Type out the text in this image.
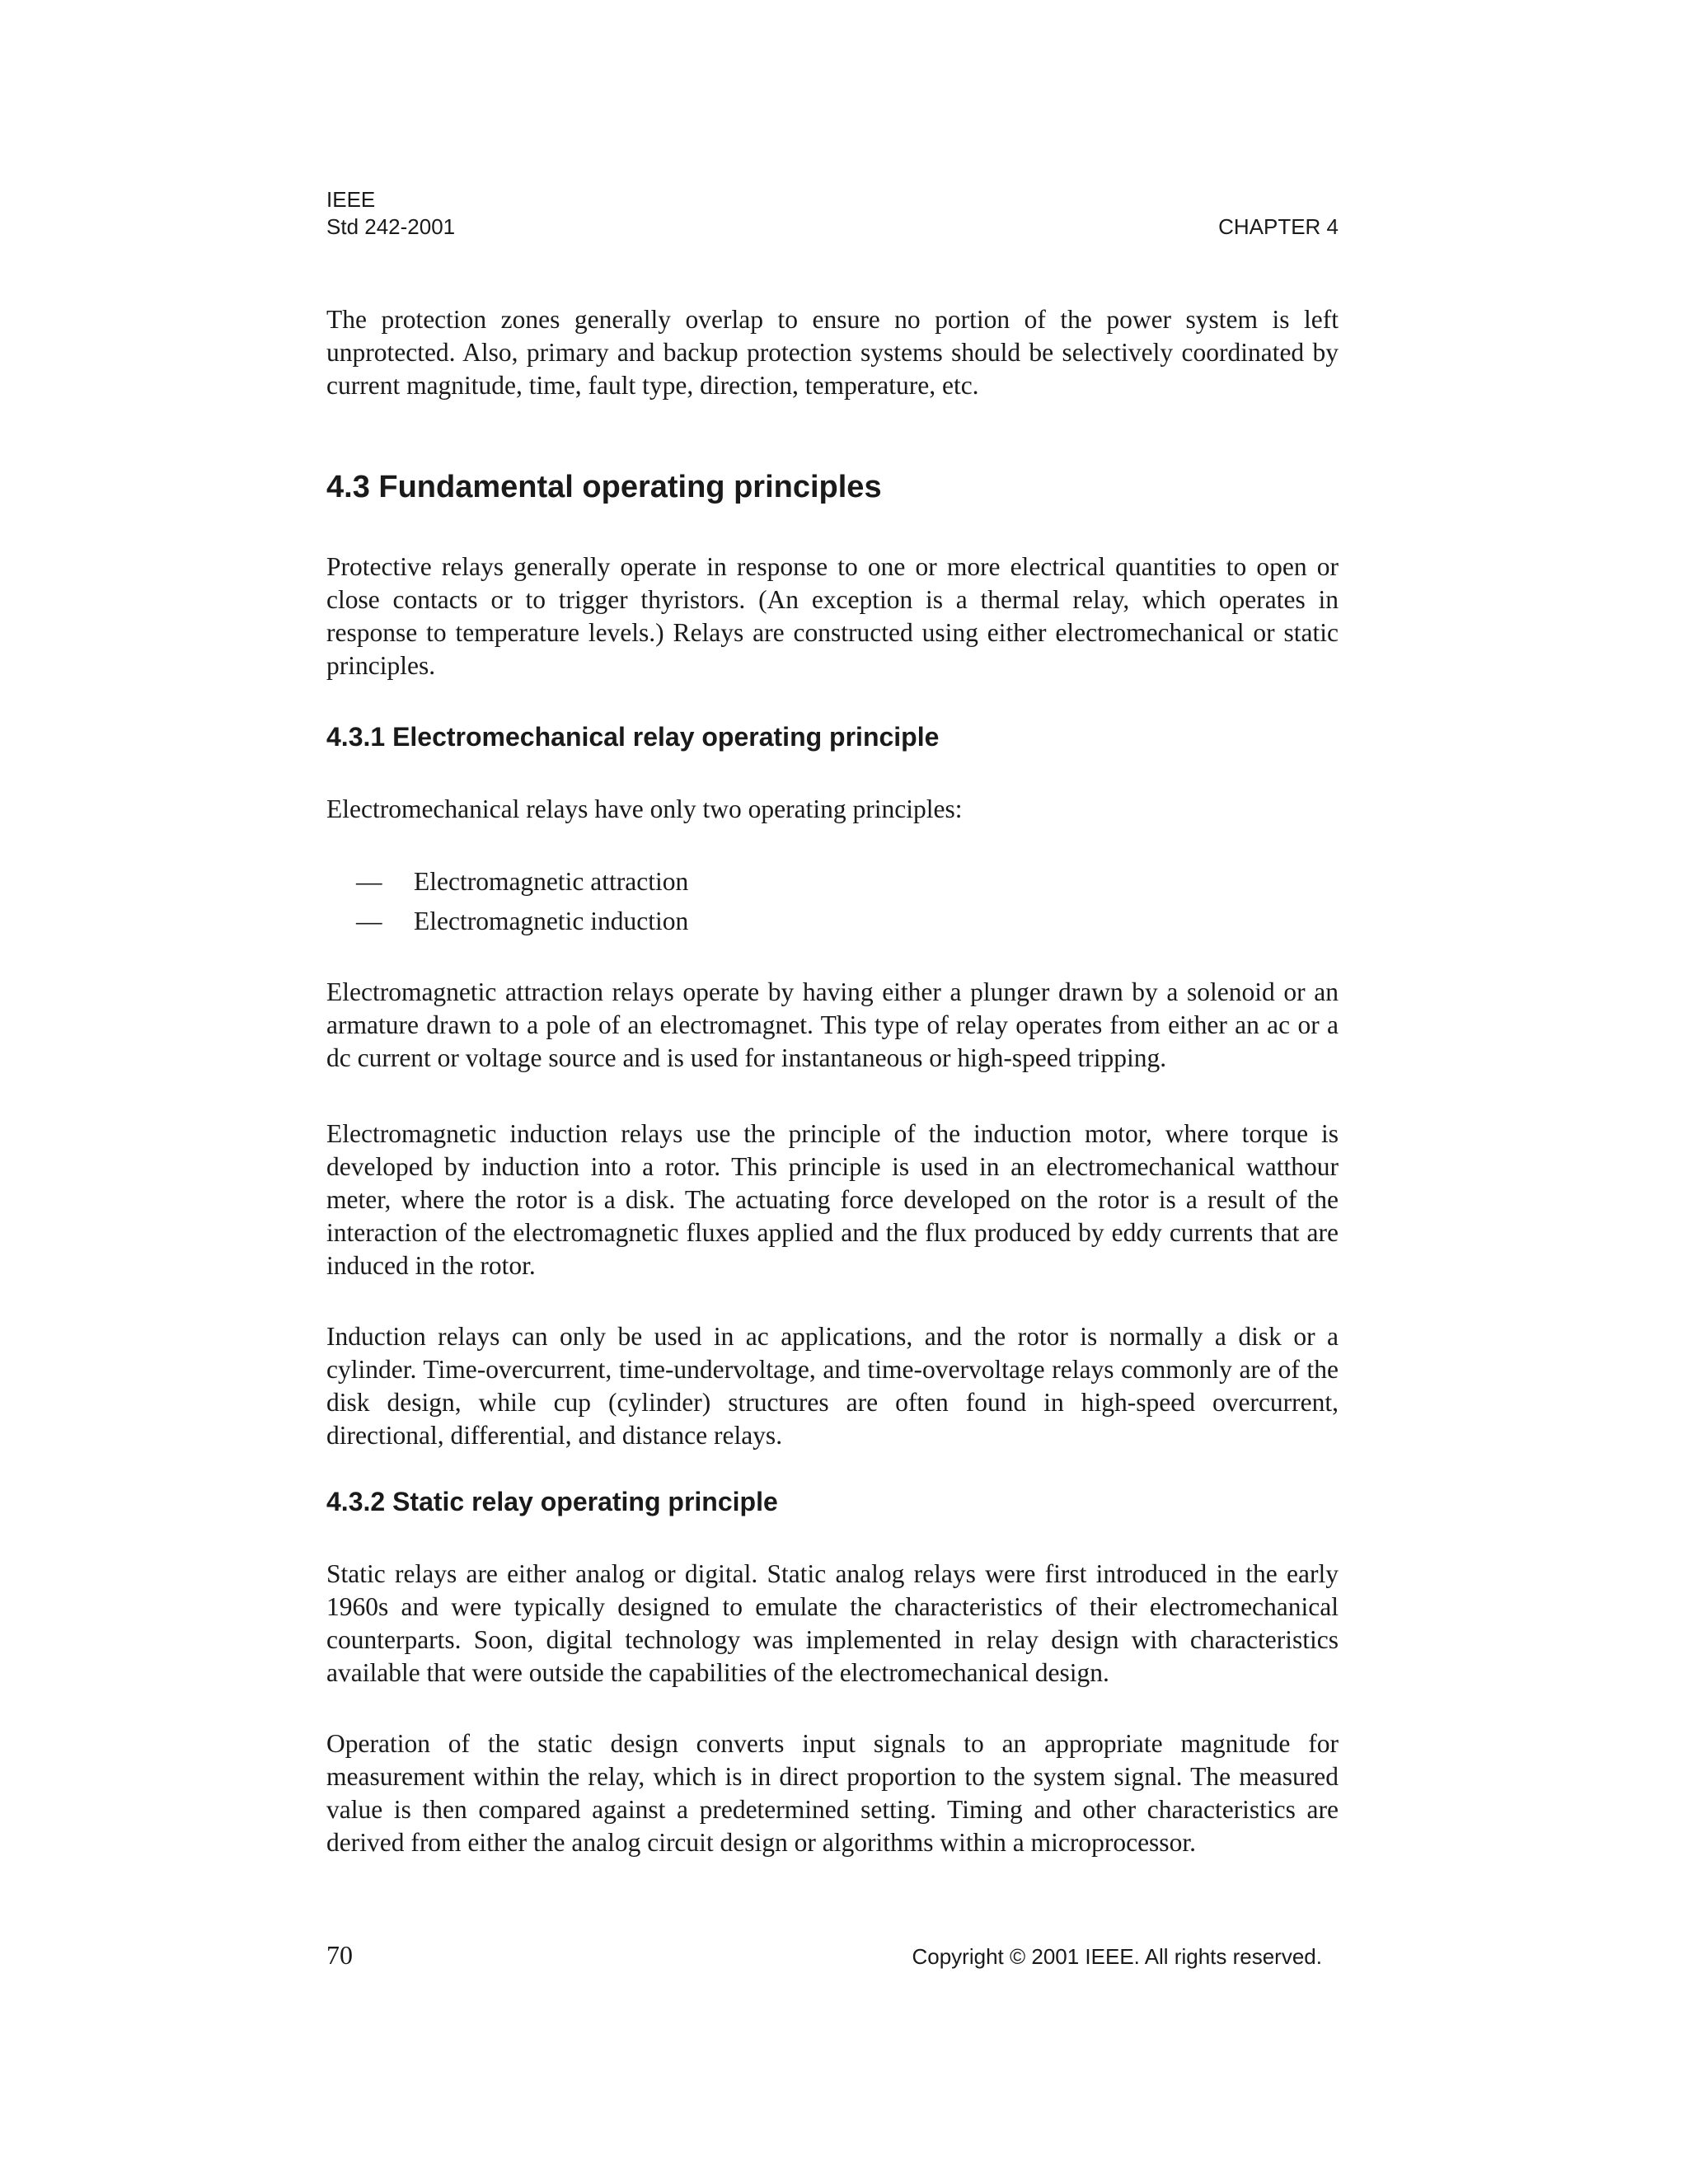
IEEE
Std 242-2001	CHAPTER 4

The protection zones generally overlap to ensure no portion of the power system is left unprotected. Also, primary and backup protection systems should be selectively coordinated by current magnitude, time, fault type, direction, temperature, etc.

4.3 Fundamental operating principles

Protective relays generally operate in response to one or more electrical quantities to open or close contacts or to trigger thyristors. (An exception is a thermal relay, which operates in response to temperature levels.) Relays are constructed using either electromechanical or static principles.

4.3.1 Electromechanical relay operating principle

Electromechanical relays have only two operating principles:

— Electromagnetic attraction
— Electromagnetic induction

Electromagnetic attraction relays operate by having either a plunger drawn by a solenoid or an armature drawn to a pole of an electromagnet. This type of relay operates from either an ac or a dc current or voltage source and is used for instantaneous or high-speed tripping.

Electromagnetic induction relays use the principle of the induction motor, where torque is developed by induction into a rotor. This principle is used in an electromechanical watthour meter, where the rotor is a disk. The actuating force developed on the rotor is a result of the interaction of the electromagnetic fluxes applied and the flux produced by eddy currents that are induced in the rotor.

Induction relays can only be used in ac applications, and the rotor is normally a disk or a cylinder. Time-overcurrent, time-undervoltage, and time-overvoltage relays commonly are of the disk design, while cup (cylinder) structures are often found in high-speed overcurrent, directional, differential, and distance relays.

4.3.2 Static relay operating principle

Static relays are either analog or digital. Static analog relays were first introduced in the early 1960s and were typically designed to emulate the characteristics of their electromechanical counterparts. Soon, digital technology was implemented in relay design with characteristics available that were outside the capabilities of the electromechanical design.

Operation of the static design converts input signals to an appropriate magnitude for measurement within the relay, which is in direct proportion to the system signal. The measured value is then compared against a predetermined setting. Timing and other characteristics are derived from either the analog circuit design or algorithms within a microprocessor.

70	Copyright © 2001 IEEE. All rights reserved.
